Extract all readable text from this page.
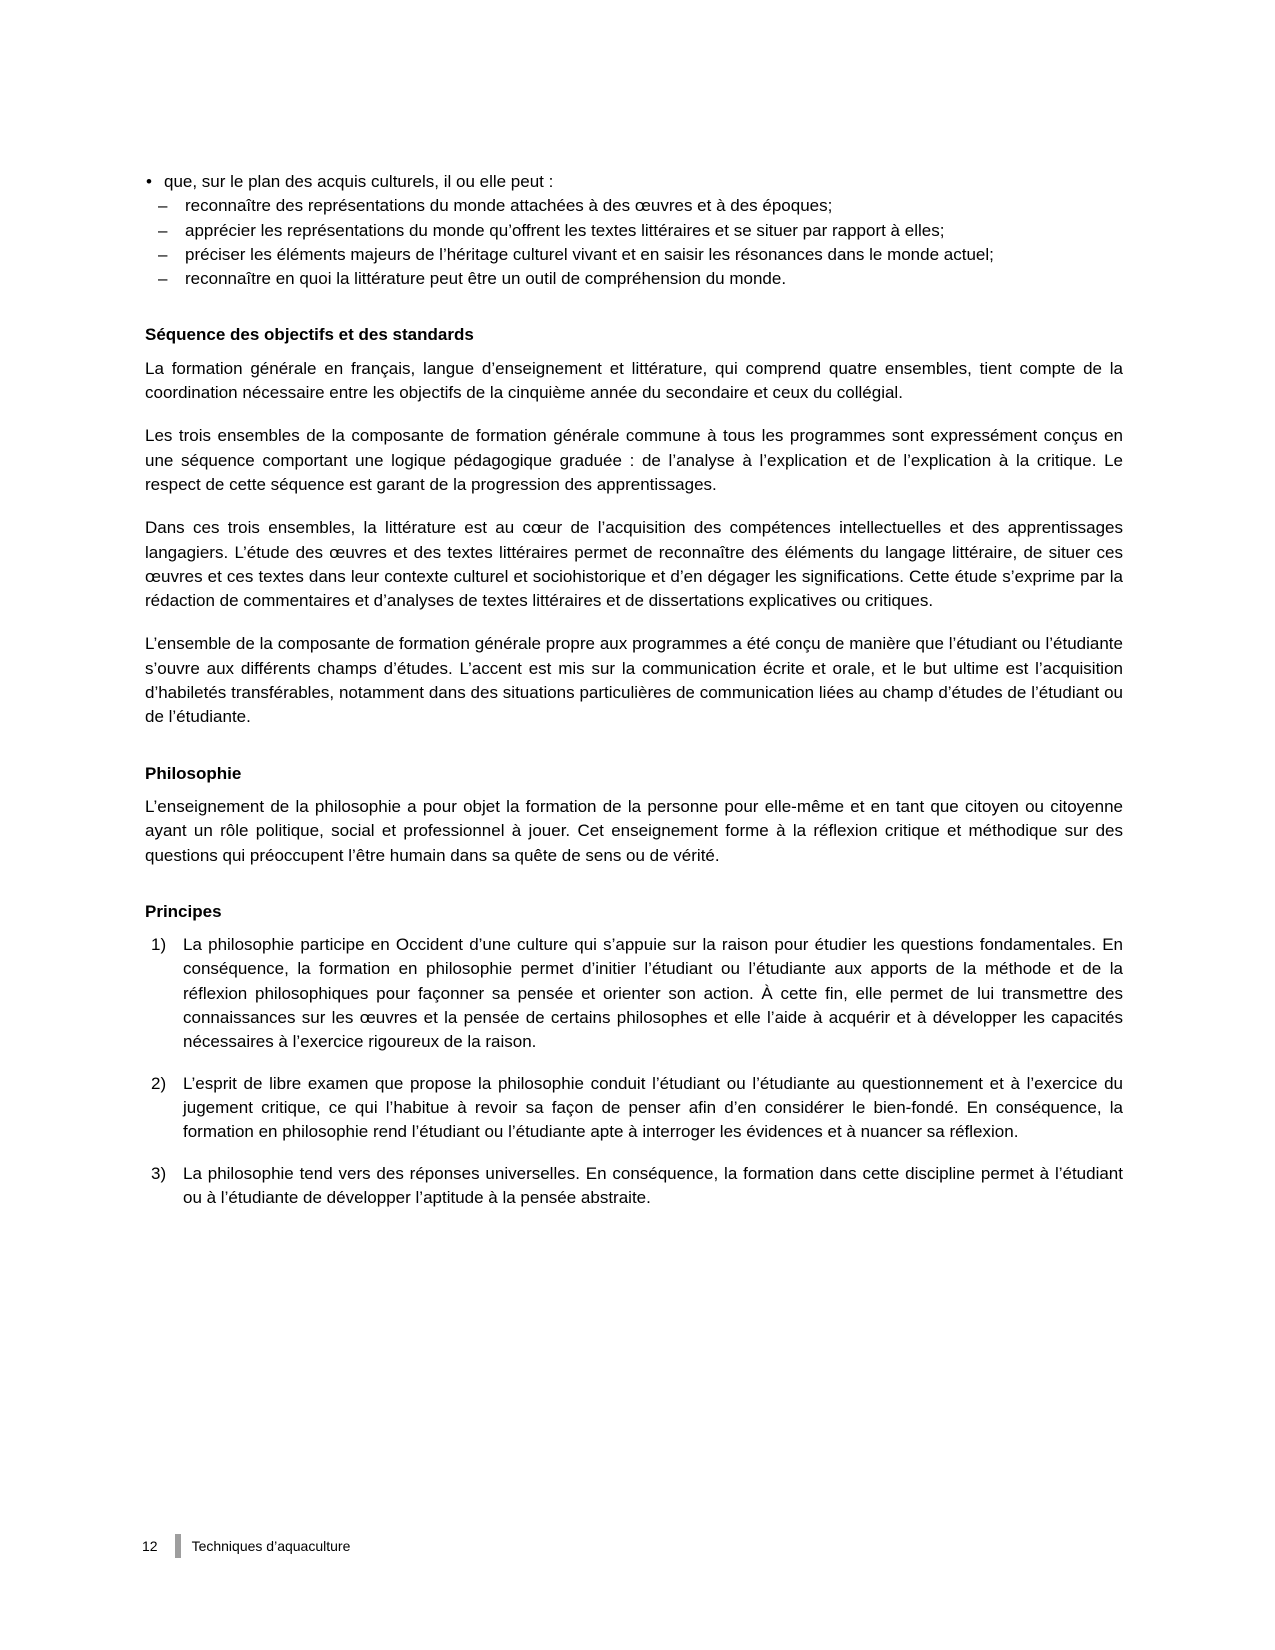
• que, sur le plan des acquis culturels, il ou elle peut :
– reconnaître des représentations du monde attachées à des œuvres et à des époques;
– apprécier les représentations du monde qu’offrent les textes littéraires et se situer par rapport à elles;
– préciser les éléments majeurs de l’héritage culturel vivant et en saisir les résonances dans le monde actuel;
– reconnaître en quoi la littérature peut être un outil de compréhension du monde.
Séquence des objectifs et des standards
La formation générale en français, langue d’enseignement et littérature, qui comprend quatre ensembles, tient compte de la coordination nécessaire entre les objectifs de la cinquième année du secondaire et ceux du collégial.
Les trois ensembles de la composante de formation générale commune à tous les programmes sont expressément conçus en une séquence comportant une logique pédagogique graduée : de l’analyse à l’explication et de l’explication à la critique. Le respect de cette séquence est garant de la progression des apprentissages.
Dans ces trois ensembles, la littérature est au cœur de l’acquisition des compétences intellectuelles et des apprentissages langagiers. L’étude des œuvres et des textes littéraires permet de reconnaître des éléments du langage littéraire, de situer ces œuvres et ces textes dans leur contexte culturel et sociohistorique et d’en dégager les significations. Cette étude s’exprime par la rédaction de commentaires et d’analyses de textes littéraires et de dissertations explicatives ou critiques.
L’ensemble de la composante de formation générale propre aux programmes a été conçu de manière que l’étudiant ou l’étudiante s’ouvre aux différents champs d’études. L’accent est mis sur la communication écrite et orale, et le but ultime est l’acquisition d’habiletés transférables, notamment dans des situations particulières de communication liées au champ d’études de l’étudiant ou de l’étudiante.
Philosophie
L’enseignement de la philosophie a pour objet la formation de la personne pour elle-même et en tant que citoyen ou citoyenne ayant un rôle politique, social et professionnel à jouer. Cet enseignement forme à la réflexion critique et méthodique sur des questions qui préoccupent l’être humain dans sa quête de sens ou de vérité.
Principes
1) La philosophie participe en Occident d’une culture qui s’appuie sur la raison pour étudier les questions fondamentales. En conséquence, la formation en philosophie permet d’initier l’étudiant ou l’étudiante aux apports de la méthode et de la réflexion philosophiques pour façonner sa pensée et orienter son action. À cette fin, elle permet de lui transmettre des connaissances sur les œuvres et la pensée de certains philosophes et elle l’aide à acquérir et à développer les capacités nécessaires à l’exercice rigoureux de la raison.
2) L’esprit de libre examen que propose la philosophie conduit l’étudiant ou l’étudiante au questionnement et à l’exercice du jugement critique, ce qui l’habitue à revoir sa façon de penser afin d’en considérer le bien-fondé. En conséquence, la formation en philosophie rend l’étudiant ou l’étudiante apte à interroger les évidences et à nuancer sa réflexion.
3) La philosophie tend vers des réponses universelles. En conséquence, la formation dans cette discipline permet à l’étudiant ou à l’étudiante de développer l’aptitude à la pensée abstraite.
12 Techniques d’aquaculture
